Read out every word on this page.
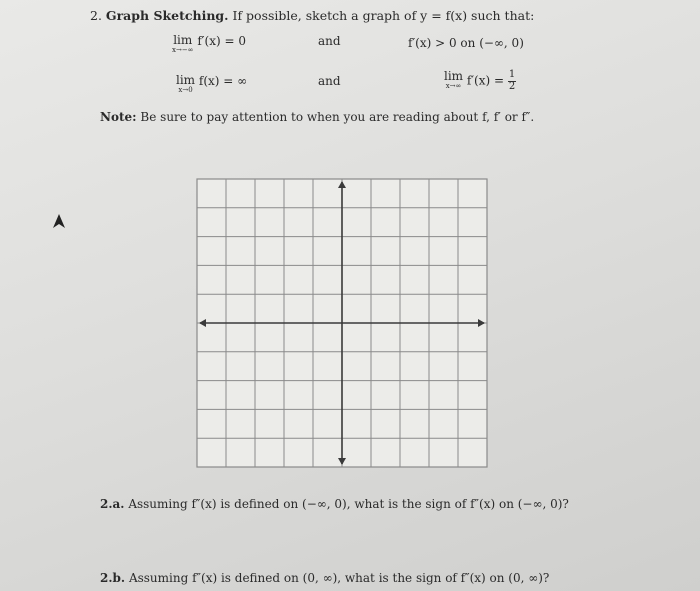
2. Graph Sketching. If possible, sketch a graph of y = f(x) such that:
lim
x→−∞
f′(x) = 0	and	f′(x) > 0 on (−∞, 0)
lim
x→0
f(x) = ∞	and	lim
x→∞ $f'(x) = \frac{1}{2}$
Note: Be sure to pay attention to when you are reading about f, f′ or f″.
2.a. Assuming f″(x) is defined on (−∞, 0), what is the sign of f″(x) on (−∞, 0)?
2.b. Assuming f″(x) is defined on (0, ∞), what is the sign of f″(x) on (0, ∞)?
